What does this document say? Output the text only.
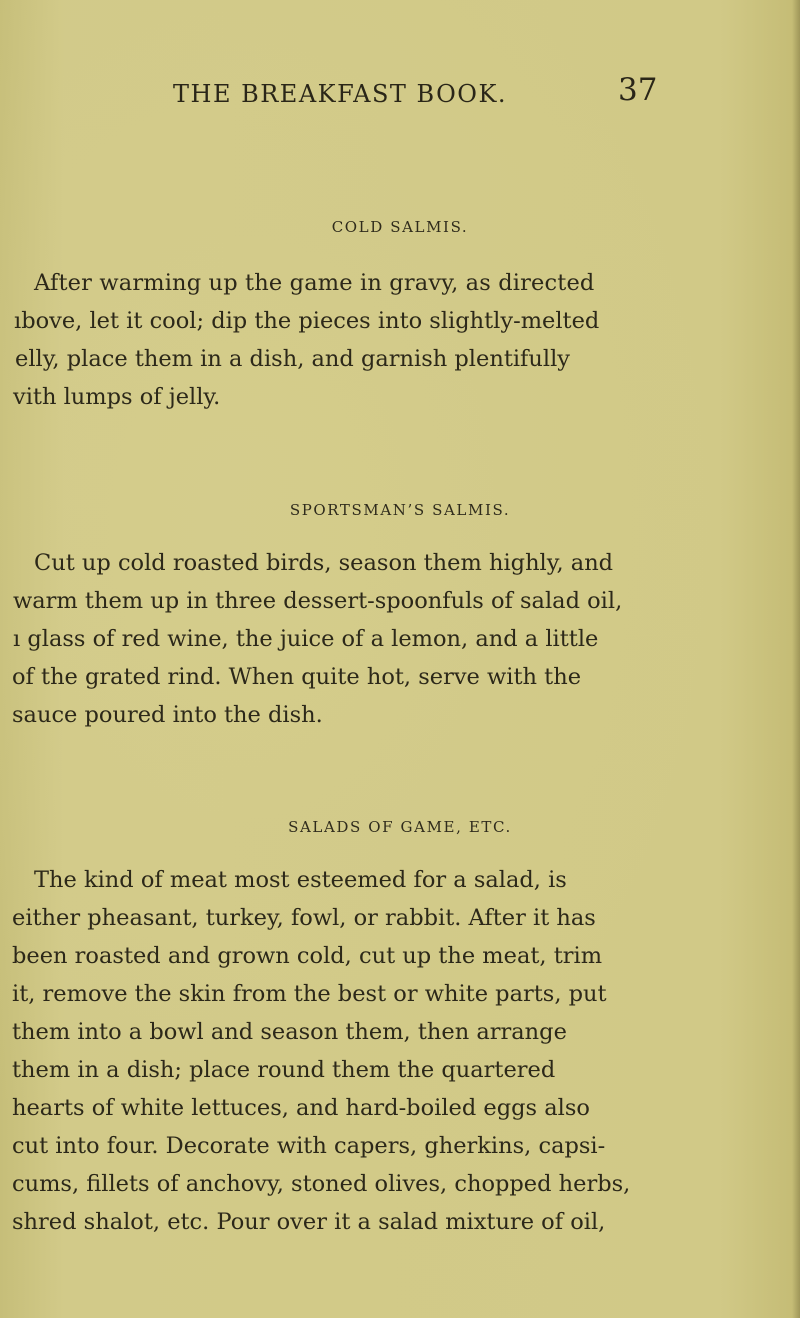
THE BREAKFAST BOOK.	37
COLD SALMIS.
After warming up the game in gravy, as directed
ıbove, let it cool; dip the pieces into slightly-melted
elly, place them in a dish, and garnish plentifully
vith lumps of jelly.
SPORTSMAN’S SALMIS.
Cut up cold roasted birds, season them highly, and
warm them up in three dessert-spoonfuls of salad oil,
ı glass of red wine, the juice of a lemon, and a little
of the grated rind. When quite hot, serve with the
sauce poured into the dish.
SALADS OF GAME, ETC.
The kind of meat most esteemed for a salad, is
either pheasant, turkey, fowl, or rabbit. After it has
been roasted and grown cold, cut up the meat, trim
it, remove the skin from the best or white parts, put
them into a bowl and season them, then arrange
them in a dish; place round them the quartered
hearts of white lettuces, and hard-boiled eggs also
cut into four. Decorate with capers, gherkins, capsi-
cums, fillets of anchovy, stoned olives, chopped herbs,
shred shalot, etc. Pour over it a salad mixture of oil,
